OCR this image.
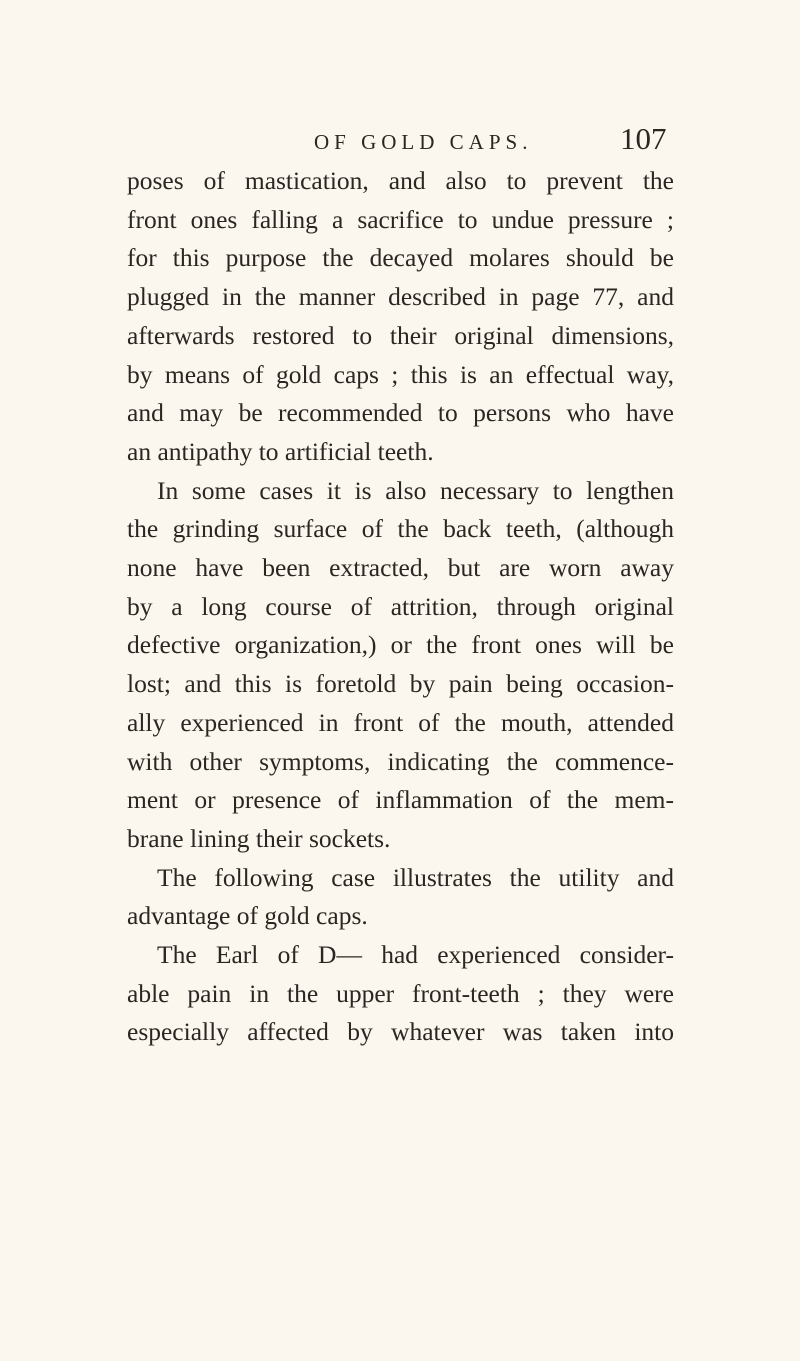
OF GOLD CAPS.	107
poses of mastication, and also to prevent the
front ones falling a sacrifice to undue pressure ;
for this purpose the decayed molares should be
plugged in the manner described in page 77, and
afterwards restored to their original dimensions,
by means of gold caps ; this is an effectual way,
and may be recommended to persons who have
an antipathy to artificial teeth.
In some cases it is also necessary to lengthen
the grinding surface of the back teeth, (although
none have been extracted, but are worn away
by a long course of attrition, through original
defective organization,) or the front ones will be
lost; and this is foretold by pain being occasion-
ally experienced in front of the mouth, attended
with other symptoms, indicating the commence-
ment or presence of inflammation of the mem-
brane lining their sockets.
The following case illustrates the utility and
advantage of gold caps.
The Earl of D— had experienced consider-
able pain in the upper front-teeth ; they were
especially affected by whatever was taken into
